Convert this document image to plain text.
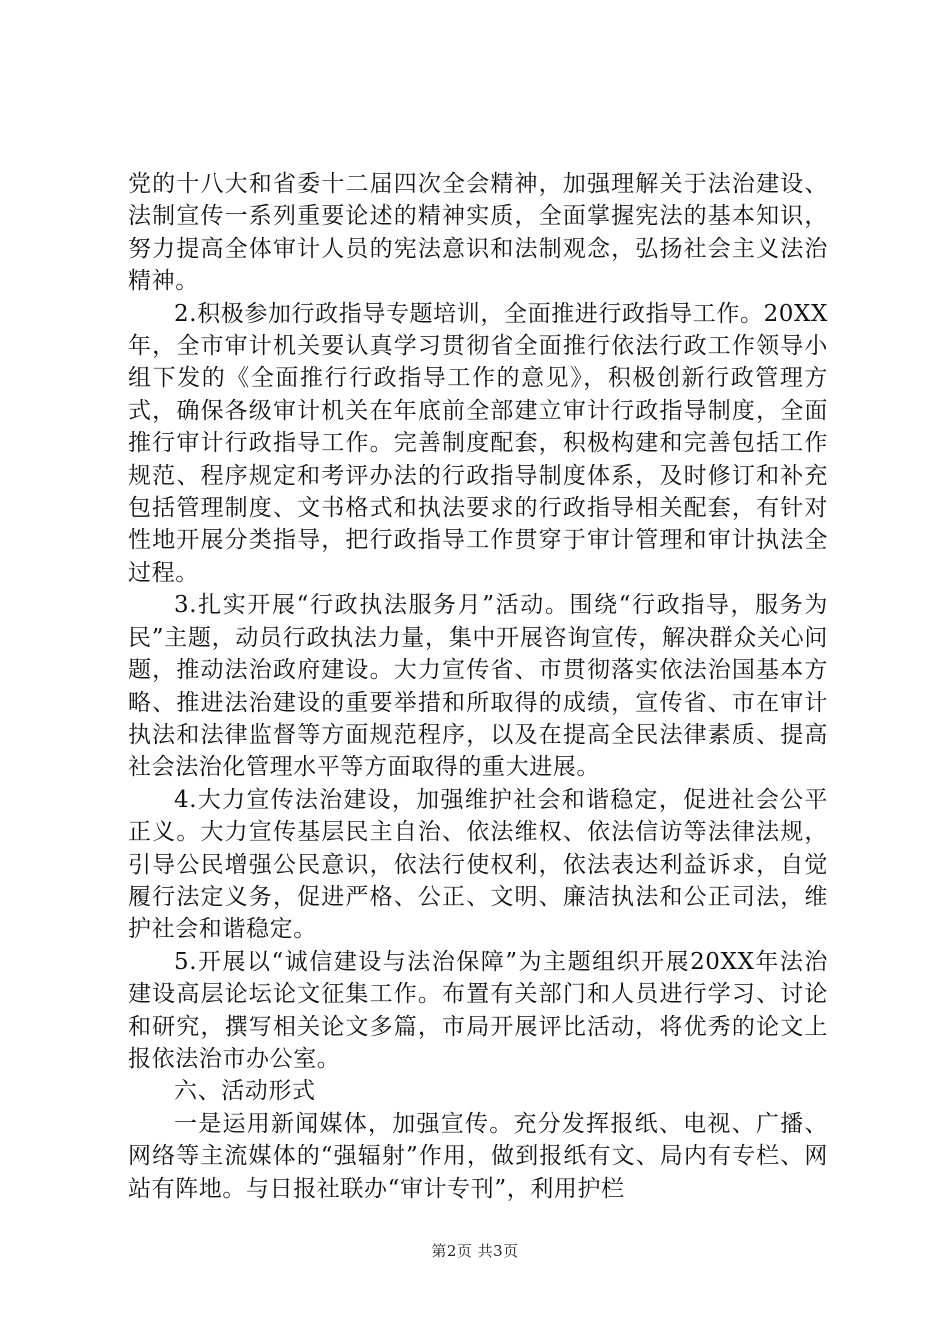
党的十八大和省委十二届四次全会精神，加强理解关于法治建设、法制宣传一系列重要论述的精神实质，全面掌握宪法的基本知识，努力提高全体审计人员的宪法意识和法制观念，弘扬社会主义法治精神。

2.积极参加行政指导专题培训，全面推进行政指导工作。20XX年，全市审计机关要认真学习贯彻省全面推行依法行政工作领导小组下发的《全面推行行政指导工作的意见》，积极创新行政管理方式，确保各级审计机关在年底前全部建立审计行政指导制度，全面推行审计行政指导工作。完善制度配套，积极构建和完善包括工作规范、程序规定和考评办法的行政指导制度体系，及时修订和补充包括管理制度、文书格式和执法要求的行政指导相关配套，有针对性地开展分类指导，把行政指导工作贯穿于审计管理和审计执法全过程。

3.扎实开展“行政执法服务月”活动。围绕“行政指导，服务为民”主题，动员行政执法力量，集中开展咨询宣传，解决群众关心问题，推动法治政府建设。大力宣传省、市贯彻落实依法治国基本方略、推进法治建设的重要举措和所取得的成绩，宣传省、市在审计执法和法律监督等方面规范程序，以及在提高全民法律素质、提高社会法治化管理水平等方面取得的重大进展。

4.大力宣传法治建设，加强维护社会和谐稳定，促进社会公平正义。大力宣传基层民主自治、依法维权、依法信访等法律法规，引导公民增强公民意识，依法行使权利，依法表达利益诉求，自觉履行法定义务，促进严格、公正、文明、廉洁执法和公正司法，维护社会和谐稳定。

5.开展以“诚信建设与法治保障”为主题组织开展20XX年法治建设高层论坛论文征集工作。布置有关部门和人员进行学习、讨论和研究，撰写相关论文多篇，市局开展评比活动，将优秀的论文上报依法治市办公室。

六、活动形式

一是运用新闻媒体，加强宣传。充分发挥报纸、电视、广播、网络等主流媒体的“强辐射”作用，做到报纸有文、局内有专栏、网站有阵地。与日报社联办“审计专刊”，利用护栏

第2页 共3页
